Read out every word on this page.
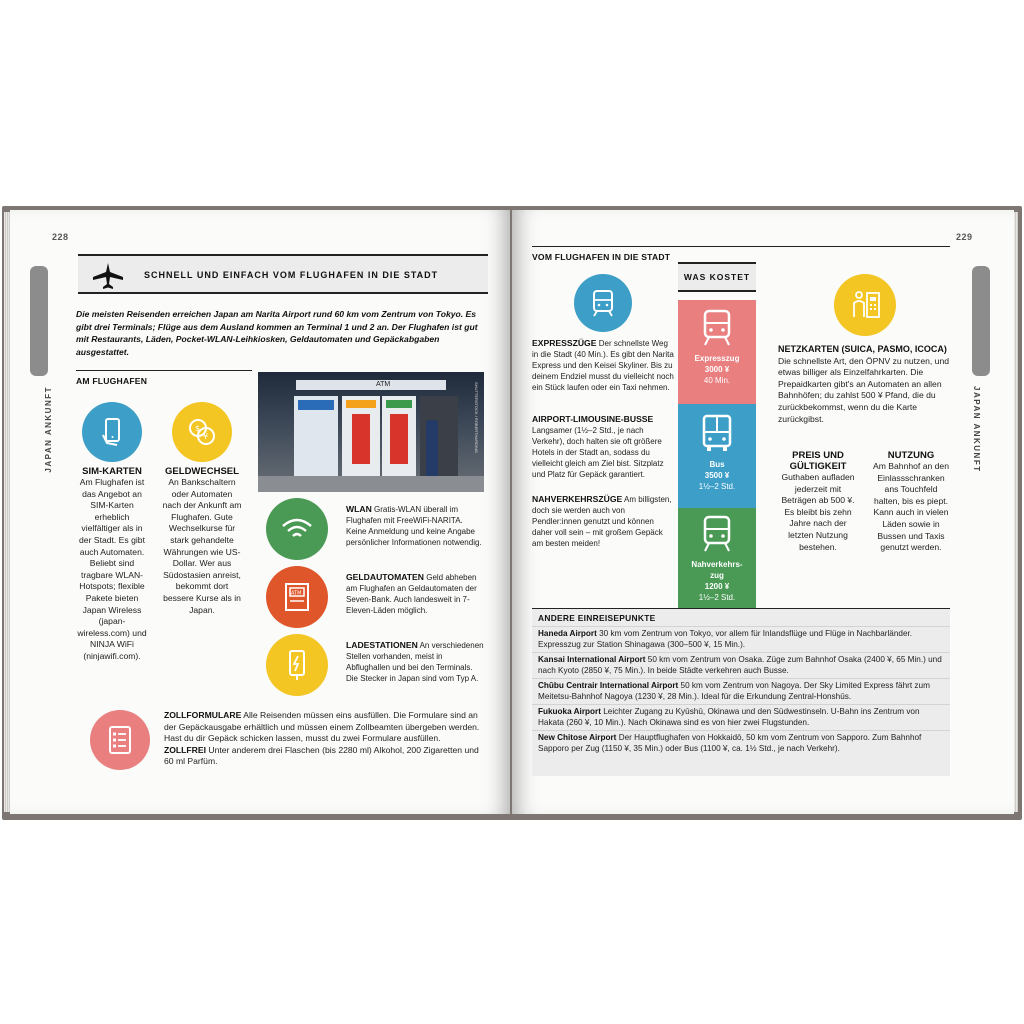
228
JAPAN ANKUNFT
SCHNELL UND EINFACH VOM FLUGHAFEN IN DIE STADT
Die meisten Reisenden erreichen Japan am Narita Airport rund 60 km vom Zentrum von Tokyo. Es gibt drei Terminals; Flüge aus dem Ausland kommen an Terminal 1 und 2 an. Der Flughafen ist gut mit Restaurants, Läden, Pocket-WLAN-Leihkiosken, Geldautomaten und Gepäckabgaben ausgestattet.
AM FLUGHAFEN
$
¥
SIM-KARTEN
Am Flughafen ist das Angebot an SIM-Karten erheblich vielfältiger als in der Stadt. Es gibt auch Automaten. Beliebt sind tragbare WLAN-Hotspots; flexible Pakete bieten Japan Wireless (japan-wireless.com) und NINJA WiFi (ninjawifi.com).
GELDWECHSEL
An Bankschaltern oder Automaten nach der Ankunft am Flughafen. Gute Wechselkurse für stark gehandelte Währungen wie US-Dollar. Wer aus Südostasien anreist, bekommt dort bessere Kurse als in Japan.
ATM	SHUTTERSTOCK / ROBERTHARDING
WLAN Gratis-WLAN überall im Flughafen mit FreeWiFi-NARITA. Keine Anmeldung und keine Angabe persönlicher Informationen notwendig.
ATM
GELDAUTOMATEN Geld abheben am Flughafen an Geldautomaten der Seven-Bank. Auch landesweit in 7-Eleven-Läden möglich.
LADESTATIONEN An verschiedenen Stellen vorhanden, meist in Abflughallen und bei den Terminals. Die Stecker in Japan sind vom Typ A.
ZOLLFORMULARE Alle Reisenden müssen eins ausfüllen. Die Formulare sind an der Gepäckausgabe erhältlich und müssen einem Zollbeamten übergeben werden. Hast du dir Gepäck schicken lassen, musst du zwei Formulare ausfüllen.
ZOLLFREI Unter anderem drei Flaschen (bis 2280 ml) Alkohol, 200 Zigaretten und 60 ml Parfüm.
229
JAPAN ANKUNFT
VOM FLUGHAFEN IN DIE STADT
EXPRESSZÜGE Der schnellste Weg in die Stadt (40 Min.). Es gibt den Narita Express und den Keisei Skyliner. Bis zu deinem Endziel musst du vielleicht noch ein Stück laufen oder ein Taxi nehmen.
AIRPORT-LIMOUSINE-BUSSE Langsamer (1½–2 Std., je nach Verkehr), doch halten sie oft größere Hotels in der Stadt an, sodass du vielleicht gleich am Ziel bist. Sitzplatz und Platz für Gepäck garantiert.
NAHVERKEHRSZÜGE Am billigsten, doch sie werden auch von Pendler:innen genutzt und können daher voll sein – mit großem Gepäck am besten meiden!
WAS KOSTET
Expresszug
3000 ¥
40 Min.
Bus
3500 ¥
1½–2 Std.
Nahverkehrs-zug
1200 ¥
1½–2 Std.
NETZKARTEN (SUICA, PASMO, ICOCA)
Die schnellste Art, den ÖPNV zu nutzen, und etwas billiger als Einzelfahrkarten. Die Prepaidkarten gibt's an Automaten an allen Bahnhöfen; du zahlst 500 ¥ Pfand, die du zurückbekommst, wenn du die Karte zurückgibst.
PREIS UND GÜLTIGKEIT
Guthaben aufladen jederzeit mit Beträgen ab 500 ¥. Es bleibt bis zehn Jahre nach der letzten Nutzung bestehen.
NUTZUNG
Am Bahnhof an den Einlassschranken ans Touchfeld halten, bis es piept. Kann auch in vielen Läden sowie in Bussen und Taxis genutzt werden.
ANDERE EINREISEPUNKTE
Haneda Airport 30 km vom Zentrum von Tokyo, vor allem für Inlandsflüge und Flüge in Nachbarländer. Expresszug zur Station Shinagawa (300–500 ¥, 15 Min.).
Kansai International Airport 50 km vom Zentrum von Osaka. Züge zum Bahnhof Osaka (2400 ¥, 65 Min.) und nach Kyoto (2850 ¥, 75 Min.). In beide Städte verkehren auch Busse.
Chūbu Centrair International Airport 50 km vom Zentrum von Nagoya. Der Sky Limited Express fährt zum Meitetsu-Bahnhof Nagoya (1230 ¥, 28 Min.). Ideal für die Erkundung Zentral-Honshūs.
Fukuoka Airport Leichter Zugang zu Kyūshū, Okinawa und den Südwestinseln. U-Bahn ins Zentrum von Hakata (260 ¥, 10 Min.). Nach Okinawa sind es von hier zwei Flugstunden.
New Chitose Airport Der Hauptflughafen von Hokkaidō, 50 km vom Zentrum von Sapporo. Zum Bahnhof Sapporo per Zug (1150 ¥, 35 Min.) oder Bus (1100 ¥, ca. 1½ Std., je nach Verkehr).
